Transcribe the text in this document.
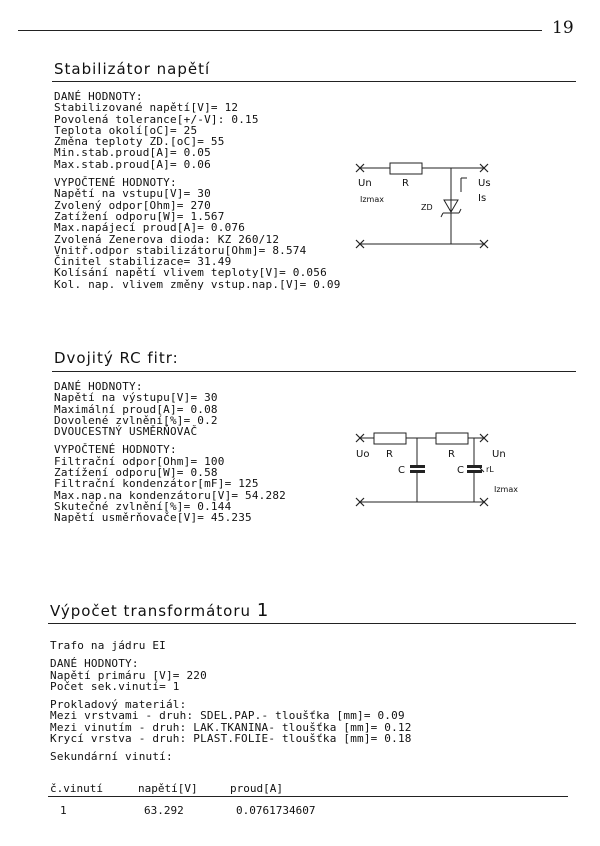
19
Stabilizátor napětí
DANÉ HODNOTY:
Stabilizované napětí[V]= 12
Povolená tolerance[+/-V]: 0.15
Teplota okolí[oC]= 25
Změna teploty ZD.[oC]= 55
Min.stab.proud[A]= 0.05
Max.stab.proud[A]= 0.06
VYPOČTENÉ HODNOTY:
Napětí na vstupu[V]= 30
Zvolený odpor[Ohm]= 270
Zatížení odporu[W]= 1.567
Max.napájecí proud[A]= 0.076
Zvolená Zenerova dioda: KZ 260/12
Vnitř.odpor stabilizátoru[Ohm]= 8.574
Činitel stabilizace= 31.49
Kolísání napětí vlivem teploty[V]= 0.056
Kol. nap. vlivem změny vstup.nap.[V]= 0.09
Un	R	Us
Izmax
ZD
Is
Dvojitý RC fitr:
DANÉ HODNOTY:
Napětí na výstupu[V]= 30
Maximální proud[A]= 0.08
Dovolené zvlnění[%]= 0.2
DVOUCESTNÝ USMĚRŇOVAČ
VYPOČTENÉ HODNOTY:
Filtrační odpor[Ohm]= 100
Zatížení odporu[W]= 0.58
Filtrační kondenzátor[mF]= 125
Max.nap.na kondenzátoru[V]= 54.282
Skutečné zvlnění[%]= 0.144
Napětí usměrňovače[V]= 45.235
Uo R	R	Un
C	C	rL
Izmax
Výpočet transformátoru 1
Trafo na jádru EI
DANÉ HODNOTY:
Napětí primáru [V]= 220
Počet sek.vinutí= 1
Prokladový materiál:
Mezi vrstvami - druh: SDEL.PAP.- tloušťka [mm]= 0.09
Mezi vinutím - druh: LAK.TKANINA- tloušťka [mm]= 0.12
Krycí vrstva - druh: PLAST.FOLIE- tloušťka [mm]= 0.18
Sekundární vinutí:
č.vinutí	napětí[V]	proud[A]
1	63.292	0.0761734607
